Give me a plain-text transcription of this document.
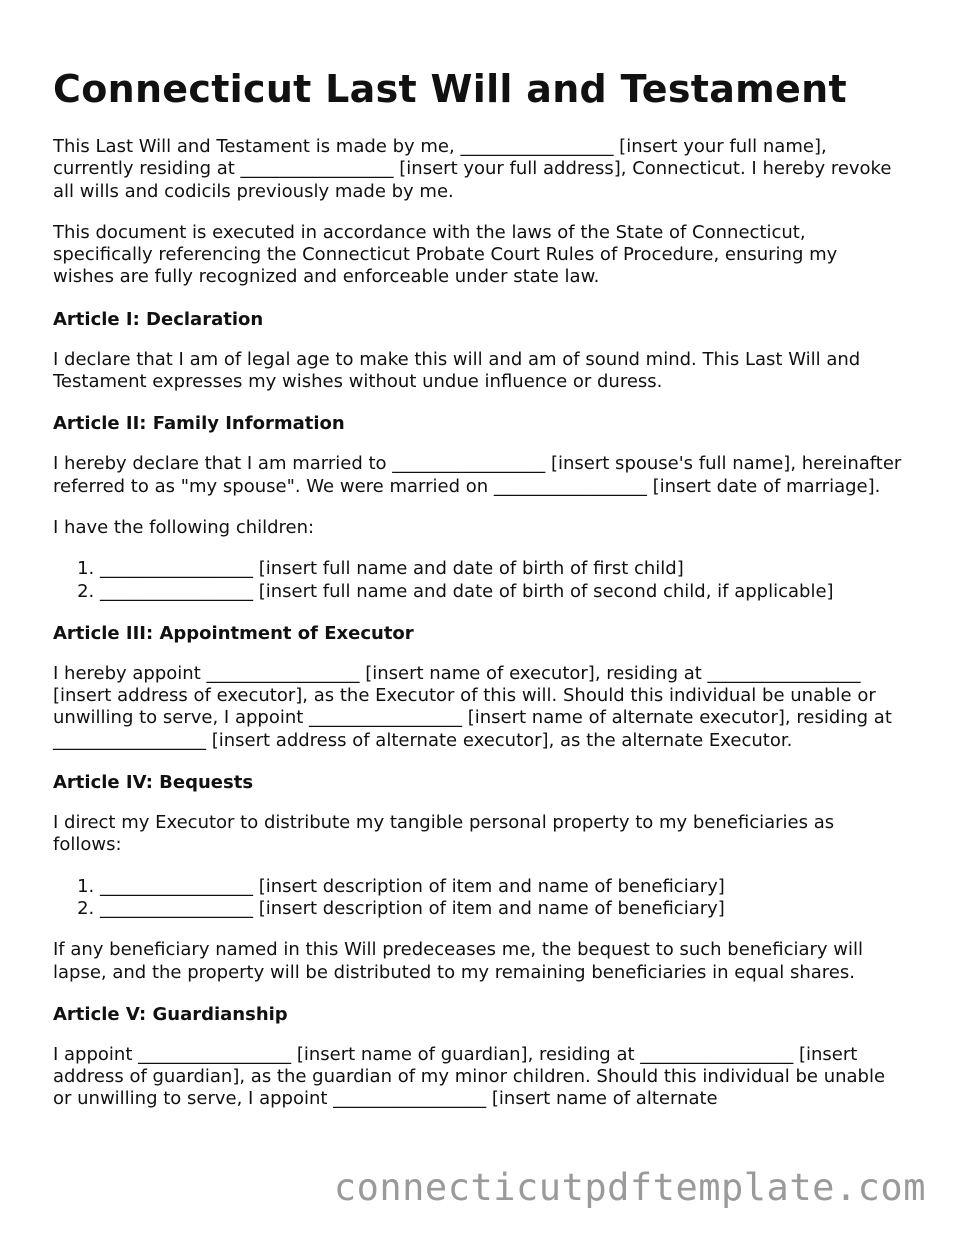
Connecticut Last Will and Testament

This Last Will and Testament is made by me, _________________ [insert your full name], currently residing at _________________ [insert your full address], Connecticut. I hereby revoke all wills and codicils previously made by me.

This document is executed in accordance with the laws of the State of Connecticut, specifically referencing the Connecticut Probate Court Rules of Procedure, ensuring my wishes are fully recognized and enforceable under state law.

Article I: Declaration

I declare that I am of legal age to make this will and am of sound mind. This Last Will and Testament expresses my wishes without undue influence or duress.

Article II: Family Information

I hereby declare that I am married to _________________ [insert spouse's full name], hereinafter referred to as "my spouse". We were married on _________________ [insert date of marriage].

I have the following children:

1. _________________ [insert full name and date of birth of first child]
2. _________________ [insert full name and date of birth of second child, if applicable]
Article III: Appointment of Executor

I hereby appoint _________________ [insert name of executor], residing at _________________ [insert address of executor], as the Executor of this will. Should this individual be unable or unwilling to serve, I appoint _________________ [insert name of alternate executor], residing at _________________ [insert address of alternate executor], as the alternate Executor.

Article IV: Bequests

I direct my Executor to distribute my tangible personal property to my beneficiaries as follows:

1. _________________ [insert description of item and name of beneficiary]
2. _________________ [insert description of item and name of beneficiary]

If any beneficiary named in this Will predeceases me, the bequest to such beneficiary will lapse, and the property will be distributed to my remaining beneficiaries in equal shares.

Article V: Guardianship

I appoint _________________ [insert name of guardian], residing at _________________ [insert address of guardian], as the guardian of my minor children. Should this individual be unable or unwilling to serve, I appoint _________________ [insert name of alternate

connecticutpdftemplate.com
